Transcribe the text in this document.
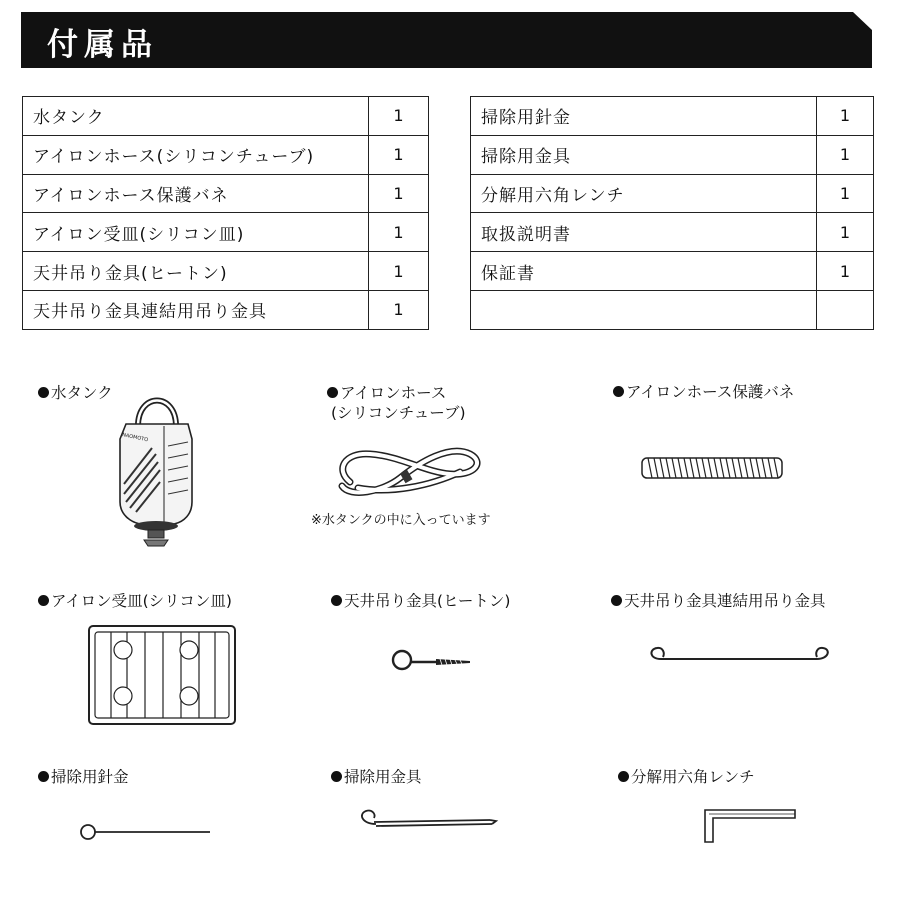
付属品
水タンク	1
アイロンホース(シリコンチューブ)	1
アイロンホース保護バネ	1
アイロン受皿(シリコン皿)	1
天井吊り金具(ヒートン)	1
天井吊り金具連結用吊り金具	1
掃除用針金	1
掃除用金具	1
分解用六角レンチ	1
取扱説明書	1
保証書	1

水タンク
NAOMOTO
アイロンホース
(シリコンチューブ)
※水タンクの中に入っています
アイロンホース保護バネ
アイロン受皿(シリコン皿)	天井吊り金具(ヒートン)	天井吊り金具連結用吊り金具
掃除用針金	掃除用金具	分解用六角レンチ
